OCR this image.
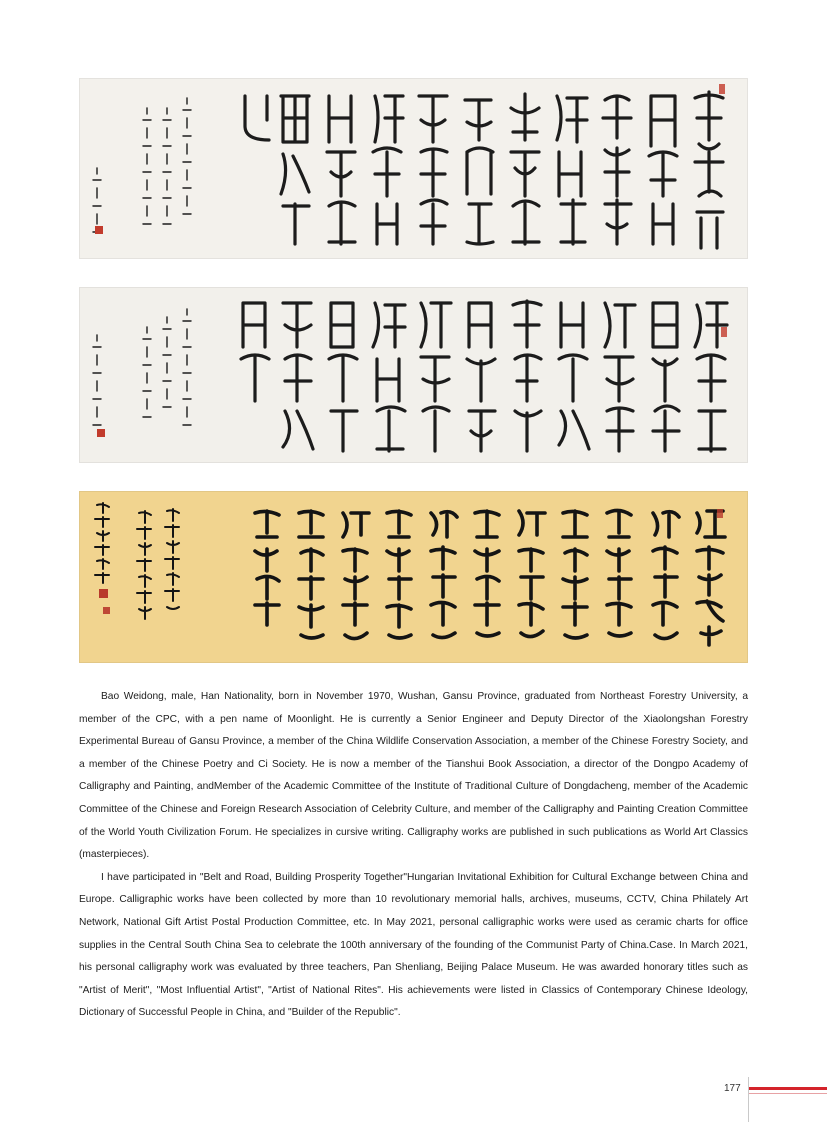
Bao Weidong, male, Han Nationality, born in November 1970, Wushan, Gansu Province, graduated from Northeast Forestry University, a member of the CPC, with a pen name of Moonlight. He is currently a Senior Engineer and Deputy Director of the Xiaolongshan Forestry Experimental Bureau of Gansu Province, a member of the China Wildlife Conservation Association, a member of the Chinese Forestry Society, and a member of the Chinese Poetry and Ci Society. He is now a member of the Tianshui Book Association, a director of the Dongpo Academy of Calligraphy and Painting, andMember of the Academic Committee of the Institute of Traditional Culture of Dongdacheng, member of the Academic Committee of the Chinese and Foreign Research Association of Celebrity Culture, and member of the Calligraphy and Painting Creation Committee of the World Youth Civilization Forum. He specializes in cursive writing. Calligraphy works are published in such publications as World Art Classics (masterpieces).

I have participated in "Belt and Road, Building Prosperity Together"Hungarian Invitational Exhibition for Cultural Exchange between China and Europe. Calligraphic works have been collected by more than 10 revolutionary memorial halls, archives, museums, CCTV, China Philately Art Network, National Gift Artist Postal Production Committee, etc. In May 2021, personal calligraphic works were used as ceramic charts for office supplies in the Central South China Sea to celebrate the 100th anniversary of the founding of the Communist Party of China.Case. In March 2021, his personal calligraphy work was evaluated by three teachers, Pan Shenliang, Beijing Palace Museum. He was awarded honorary titles such as "Artist of Merit", "Most Influential Artist", "Artist of National Rites". His achievements were listed in Classics of Contemporary Chinese Ideology, Dictionary of Successful People in China, and "Builder of the Republic".

177
